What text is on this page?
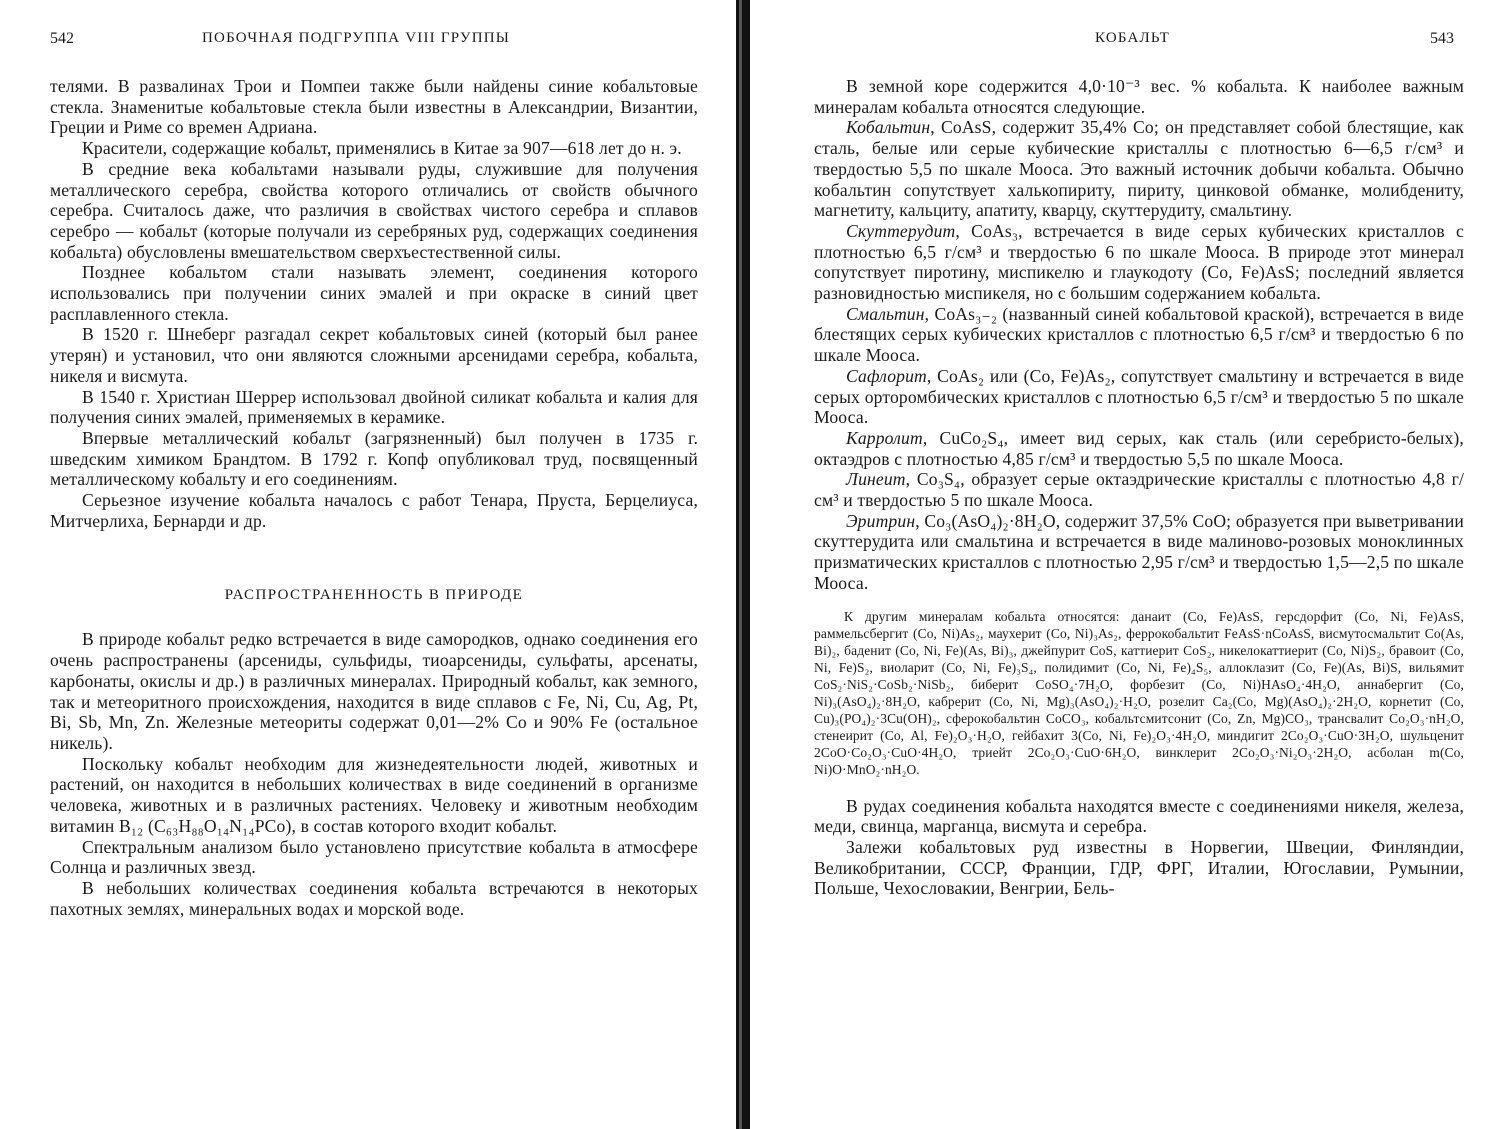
542	ПОБОЧНАЯ ПОДГРУППА VIII ГРУППЫ

телями. В развалинах Трои и Помпеи также были найдены синие кобальтовые стекла. Знаменитые кобальтовые стекла были известны в Александрии, Византии, Греции и Риме со времен Адриана.

Красители, содержащие кобальт, применялись в Китае за 907—618 лет до н. э.

В средние века кобальтами называли руды, служившие для получения металлического серебра, свойства которого отличались от свойств обычного серебра. Считалось даже, что различия в свойствах чистого серебра и сплавов серебро — кобальт (которые получали из серебряных руд, содержащих соединения кобальта) обусловлены вмешательством сверхъестественной силы.

Позднее кобальтом стали называть элемент, соединения которого использовались при получении синих эмалей и при окраске в синий цвет расплавленного стекла.

В 1520 г. Шнеберг разгадал секрет кобальтовых синей (который был ранее утерян) и установил, что они являются сложными арсенидами серебра, кобальта, никеля и висмута.

В 1540 г. Христиан Шеррер использовал двойной силикат кобальта и калия для получения синих эмалей, применяемых в керамике.

Впервые металлический кобальт (загрязненный) был получен в 1735 г. шведским химиком Брандтом. В 1792 г. Копф опубликовал труд, посвященный металлическому кобальту и его соединениям.

Серьезное изучение кобальта началось с работ Тенара, Пруста, Берцелиуса, Митчерлиха, Бернарди и др.

РАСПРОСТРАНЕННОСТЬ В ПРИРОДЕ

В природе кобальт редко встречается в виде самородков, однако соединения его очень распространены (арсениды, сульфиды, тиоарсениды, сульфаты, арсенаты, карбонаты, окислы и др.) в различных минералах. Природный кобальт, как земного, так и метеоритного происхождения, находится в виде сплавов с Fe, Ni, Cu, Ag, Pt, Bi, Sb, Mn, Zn. Железные метеориты содержат 0,01—2% Co и 90% Fe (остальное никель).

Поскольку кобальт необходим для жизнедеятельности людей, животных и растений, он находится в небольших количествах в виде соединений в организме человека, животных и в различных растениях. Человеку и животным необходим витамин B₁₂ (C₆₃H₈₈O₁₄N₁₄PCo), в состав которого входит кобальт.

Спектральным анализом было установлено присутствие кобальта в атмосфере Солнца и различных звезд.

В небольших количествах соединения кобальта встречаются в некоторых пахотных землях, минеральных водах и морской воде.

КОБАЛЬТ	543

В земной коре содержится 4,0·10⁻³ вес. % кобальта. К наиболее важным минералам кобальта относятся следующие.

Кобальтин, CoAsS, содержит 35,4% Co; он представляет собой блестящие, как сталь, белые или серые кубические кристаллы с плотностью 6—6,5 г/см³ и твердостью 5,5 по шкале Мооса. Это важный источник добычи кобальта. Обычно кобальтин сопутствует халькопириту, пириту, цинковой обманке, молибдениту, магнетиту, кальциту, апатиту, кварцу, скуттерудиту, смальтину.

Скуттерудит, CoAs₃, встречается в виде серых кубических кристаллов с плотностью 6,5 г/см³ и твердостью 6 по шкале Мооса. В природе этот минерал сопутствует пиротину, миспикелю и глаукодоту (Co, Fe)AsS; последний является разновидностью миспикеля, но с большим содержанием кобальта.

Смальтин, CoAs₃₋₂ (названный синей кобальтовой краской), встречается в виде блестящих серых кубических кристаллов с плотностью 6,5 г/см³ и твердостью 6 по шкале Мооса.

Сафлорит, CoAs₂ или (Co, Fe)As₂, сопутствует смальтину и встречается в виде серых орторомбических кристаллов с плотностью 6,5 г/см³ и твердостью 5 по шкале Мооса.

Карролит, CuCo₂S₄, имеет вид серых, как сталь (или серебристо-белых), октаэдров с плотностью 4,85 г/см³ и твердостью 5,5 по шкале Мооса.

Линеит, Co₃S₄, образует серые октаэдрические кристаллы с плотностью 4,8 г/см³ и твердостью 5 по шкале Мооса.

Эритрин, Co₃(AsO₄)₂·8H₂O, содержит 37,5% CoO; образуется при выветривании скуттерудита или смальтина и встречается в виде малиново-розовых моноклинных призматических кристаллов с плотностью 2,95 г/см³ и твердостью 1,5—2,5 по шкале Мооса.

К другим минералам кобальта относятся: данаит (Co, Fe)AsS, герсдорфит (Co, Ni, Fe)AsS, раммельсбергит (Co, Ni)As₂, маухерит (Co, Ni)₃As₂, феррокобальтит FeAsS·nCoAsS, висмутосмальтит Co(As, Bi)₂, баденит (Co, Ni, Fe)(As, Bi)₃, джейпурит CoS, каттиерит CoS₂, никелокаттиерит (Co, Ni)S₂, бравоит (Co, Ni, Fe)S₂, виоларит (Co, Ni, Fe)₃S₄, полидимит (Co, Ni, Fe)₄S₅, аллоклазит (Co, Fe)(As, Bi)S, вильямит CoS₂·NiS₂·CoSb₂·NiSb₂, биберит CoSO₄·7H₂O, форбезит (Co, Ni)HAsO₄·4H₂O, аннабергит (Co, Ni)₃(AsO₄)₂·8H₂O, кабрерит (Co, Ni, Mg)₃(AsO₄)₂·H₂O, розелит Ca₂(Co, Mg)(AsO₄)₂·2H₂O, корнетит (Co, Cu)₃(PO₄)₂·3Cu(OH)₂, сферокобальтин CoCO₃, кобальтсмитсонит (Co, Zn, Mg)CO₃, трансвалит Co₂O₃·nH₂O, стенеирит (Co, Al, Fe)₂O₃·H₂O, гейбахит 3(Co, Ni, Fe)₂O₃·4H₂O, миндигит 2Co₂O₃·CuO·3H₂O, шульценит 2CoO·Co₂O₃·CuO·4H₂O, триейт 2Co₂O₃·CuO·6H₂O, винклерит 2Co₂O₃·Ni₂O₃·2H₂O, асболан m(Co, Ni)O·MnO₂·nH₂O.

В рудах соединения кобальта находятся вместе с соединениями никеля, железа, меди, свинца, марганца, висмута и серебра.

Залежи кобальтовых руд известны в Норвегии, Швеции, Финляндии, Великобритании, СССР, Франции, ГДР, ФРГ, Италии, Югославии, Румынии, Польше, Чехословакии, Венгрии, Бель-
